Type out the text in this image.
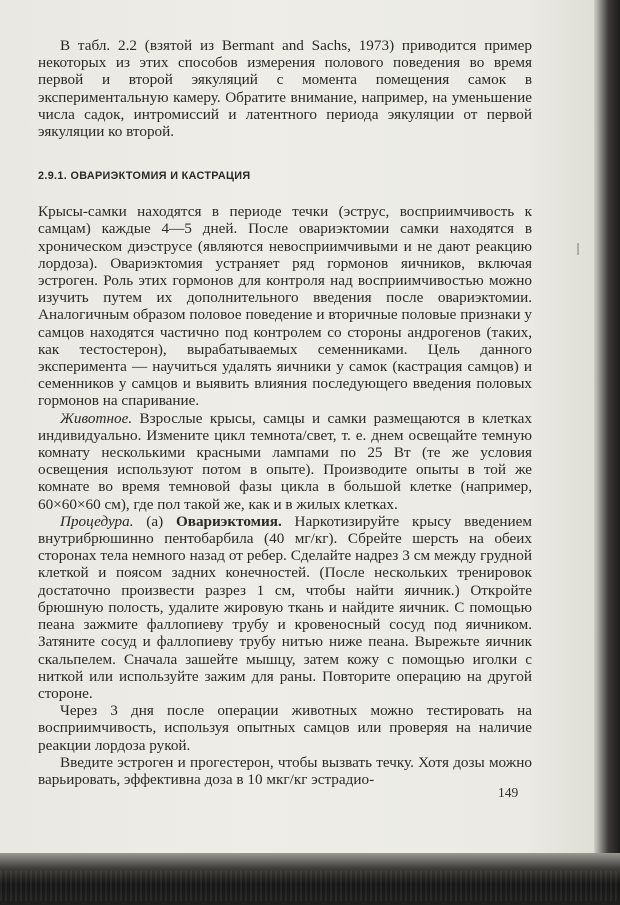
В табл. 2.2 (взятой из Bermant and Sachs, 1973) приводится пример некоторых из этих способов измерения полового поведения во время первой и второй эякуляций с момента помещения самок в экспериментальную камеру. Обратите внимание, например, на уменьшение числа садок, интромиссий и латентного периода эякуляции от первой эякуляции ко второй.

2.9.1. ОВАРИЭКТОМИЯ И КАСТРАЦИЯ

Крысы-самки находятся в периоде течки (эструс, восприимчивость к самцам) каждые 4—5 дней. После овариэктомии самки находятся в хроническом диэструсе (являются невосприимчивыми и не дают реакцию лордоза). Овариэктомия устраняет ряд гормонов яичников, включая эстроген. Роль этих гормонов для контроля над восприимчивостью можно изучить путем их дополнительного введения после овариэктомии. Аналогичным образом половое поведение и вторичные половые признаки у самцов находятся частично под контролем со стороны андрогенов (таких, как тестостерон), вырабатываемых семенниками. Цель данного эксперимента — научиться удалять яичники у самок (кастрация самцов) и семенников у самцов и выявить влияния последующего введения половых гормонов на спаривание.

Животное. Взрослые крысы, самцы и самки размещаются в клетках индивидуально. Измените цикл темнота/свет, т. е. днем освещайте темную комнату несколькими красными лампами по 25 Вт (те же условия освещения используют потом в опыте). Производите опыты в той же комнате во время темновой фазы цикла в большой клетке (например, 60×60×60 см), где пол такой же, как и в жилых клетках.

Процедура. (а) Овариэктомия. Наркотизируйте крысу введением внутрибрюшинно пентобарбила (40 мг/кг). Сбрейте шерсть на обеих сторонах тела немного назад от ребер. Сделайте надрез 3 см между грудной клеткой и поясом задних конечностей. (После нескольких тренировок достаточно произвести разрез 1 см, чтобы найти яичник.) Откройте брюшную полость, удалите жировую ткань и найдите яичник. С помощью пеана зажмите фаллопиеву трубу и кровеносный сосуд под яичником. Затяните сосуд и фаллопиеву трубу нитью ниже пеана. Вырежьте яичник скальпелем. Сначала зашейте мышцу, затем кожу с помощью иголки с ниткой или используйте зажим для раны. Повторите операцию на другой стороне.

Через 3 дня после операции животных можно тестировать на восприимчивость, используя опытных самцов или проверяя на наличие реакции лордоза рукой.

Введите эстроген и прогестерон, чтобы вызвать течку. Хотя дозы можно варьировать, эффективна доза в 10 мкг/кг эстрадио-

149
